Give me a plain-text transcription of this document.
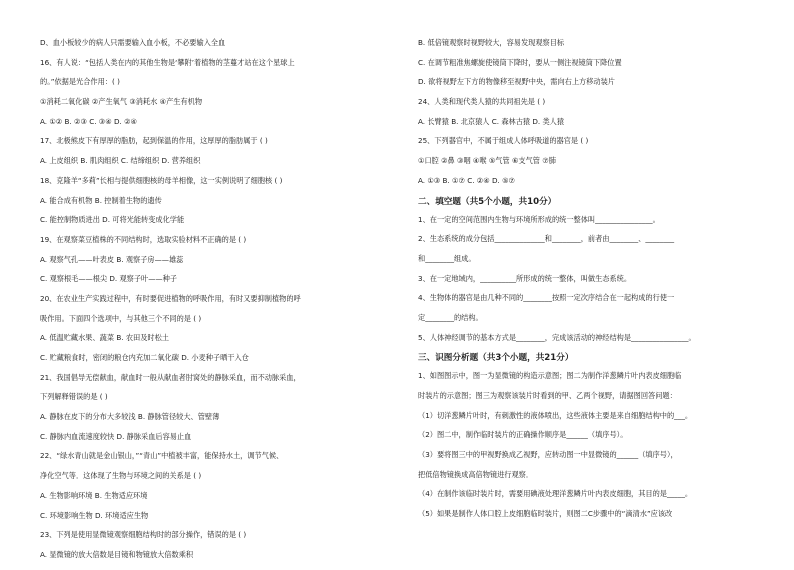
D、血小板较少的病人只需要输入血小板，不必要输入全血
16、有人说：“包括人类在内的其他生物是‘攀附’着植物的茎蔓才站在这个星球上
的。”依据是光合作用：( )
①消耗二氧化碳 ②产生氧气 ③消耗水 ④产生有机物
A. ①② B. ②③ C. ③④ D. ②④
17、北极熊皮下有厚厚的脂肪，起到保温的作用，这厚厚的脂肪属于 ( )
A. 上皮组织 B. 肌肉组织 C. 结缔组织 D. 营养组织
18、克隆羊“多莉”长相与提供细胞核的母羊相像，这一实例说明了细胞核 ( )
A. 能合成有机物 B. 控制着生物的遗传
C. 能控制物质进出 D. 可将光能转变成化学能
19、在观察菜豆植株的不同结构时，选取实验材料不正确的是 ( )
A. 观察气孔——叶表皮 B. 观察子房——雄蕊
C. 观察根毛——根尖 D. 观察子叶——种子
20、在农业生产实践过程中，有时要促进植物的呼吸作用，有时又要抑制植物的呼
吸作用。下面四个选项中，与其他三个不同的是 ( )
A. 低温贮藏水果、蔬菜 B. 农田及时松土
C. 贮藏粮食时，密闭的粮仓内充加二氧化碳 D. 小麦种子晒干入仓
21、我国倡导无偿献血，献血时一般从献血者肘窝处的静脉采血，而不动脉采血，
下列解释错误的是 ( )
A. 静脉在皮下的分布大多较浅 B. 静脉管径较大、管壁薄
C. 静脉内血流速度较快 D. 静脉采血后容易止血
22、“绿水青山就是金山银山，”“青山”中植被丰富，能保持水土，调节气候、
净化空气等．这体现了生物与环境之间的关系是 ( )
A. 生物影响环境 B. 生物适应环境
C. 环境影响生物 D. 环境适应生物
23、下列是使用显微镜观察细胞结构时的部分操作，错误的是 ( )
A. 显微镜的放大倍数是目镜和物镜放大倍数乘积
B. 低倍镜观察时视野较大，容易发现观察目标
C. 在调节粗准焦螺旋使镜筒下降时，要从一侧注视镜筒下降位置
D. 欲将视野左下方的物像移至视野中央，需向右上方移动装片
24、人类和现代类人猿的共同祖先是 ( )
A. 长臂猿 B. 北京猿人 C. 森林古猿 D. 类人猿
25、下列器官中，不属于组成人体呼吸道的器官是 ( )
①口腔 ②鼻 ③咽 ④喉 ⑤气管 ⑥支气管 ⑦肺
A. ①③ B. ①⑦ C. ②④ D. ⑤⑦
二、填空题（共5个小题，共10分）
1、在一定的空间范围内生物与环境所形成的统一整体叫________________。
2、生态系统的成分包括______________和________，前者由________、________
和________组成。
3、在一定地域内，__________所形成的统一整体，叫做生态系统。
4、生物体的器官是由几种不同的________按照一定次序结合在一起构成的行使一
定________的结构。
5、人体神经调节的基本方式是________，完成该活动的神经结构是________________。
三、识图分析题（共3个小题，共21分）
1、如图图示中，图一为显微镜的构造示意图；图二为制作洋葱鳞片叶内表皮细胞临
时装片的示意图；图三为观察该装片时看到的甲、乙两个视野，请据图回答问题：
（1）切洋葱鳞片叶时，有刺激性的液体喷出，这些液体主要是来自细胞结构中的___。
（2）图二中，制作临时装片的正确操作顺序是______（填序号）。
（3）要将图三中的甲视野换成乙视野，应转动图一中显微镜的______（填序号），
把低倍物镜换成高倍物镜进行观察．
（4）在制作该临时装片时，需要用碘液处理洋葱鳞片叶内表皮细胞，其目的是_____。
（5）如果是制作人体口腔上皮细胞临时装片，则图二C步骤中的“滴清水”应该改
